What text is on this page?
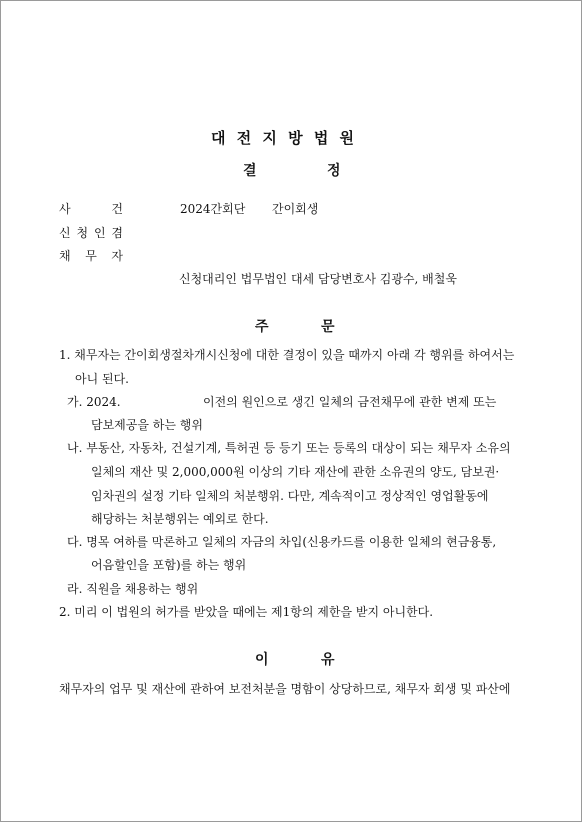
대 전 지 방 법 원
결	정
사	건	2024간회단 간이회생
신 청 인 겸
채 무 자
신청대리인 법무법인 대세 담당변호사 김광수, 배철욱
주	문
1. 채무자는 간이회생절차개시신청에 대한 결정이 있을 때까지 아래 각 행위를 하여서는
아니 된다.
가. 2024.	이전의 원인으로 생긴 일체의 금전채무에 관한 변제 또는
담보제공을 하는 행위
나. 부동산, 자동차, 건설기계, 특허권 등 등기 또는 등록의 대상이 되는 채무자 소유의
일체의 재산 및 2,000,000원 이상의 기타 재산에 관한 소유권의 양도, 담보권·
임차권의 설정 기타 일체의 처분행위. 다만, 계속적이고 정상적인 영업활동에
해당하는 처분행위는 예외로 한다.
다. 명목 여하를 막론하고 일체의 자금의 차입(신용카드를 이용한 일체의 현금융통,
어음할인을 포함)를 하는 행위
라. 직원을 채용하는 행위
2. 미리 이 법원의 허가를 받았을 때에는 제1항의 제한을 받지 아니한다.
이	유
채무자의 업무 및 재산에 관하여 보전처분을 명함이 상당하므로, 채무자 회생 및 파산에
